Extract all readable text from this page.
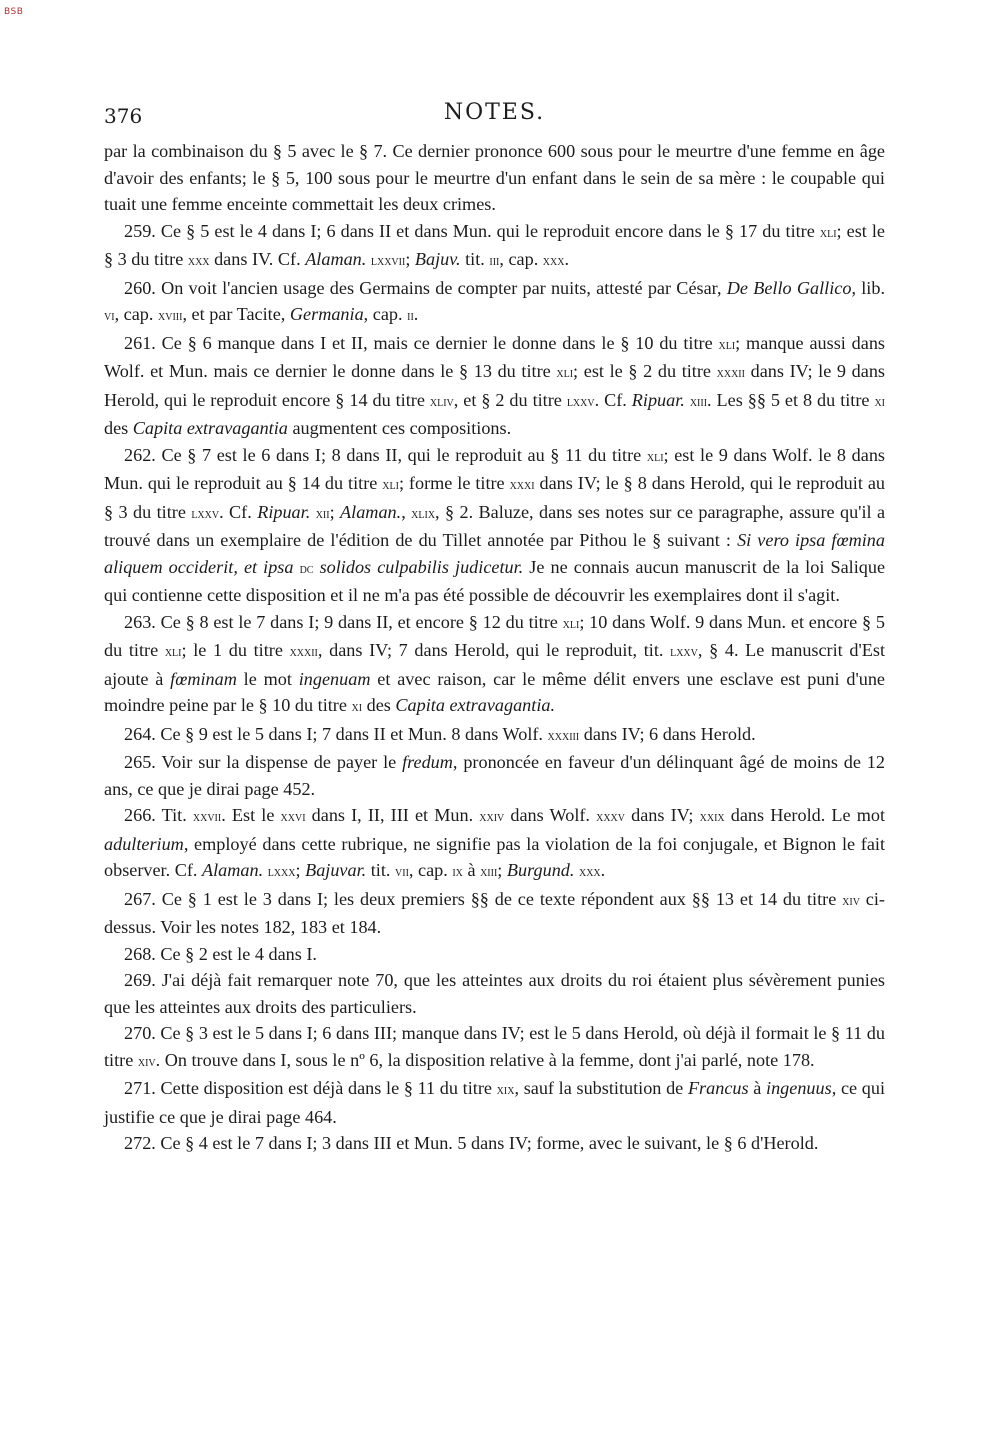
BSB
376	NOTES.

par la combinaison du § 5 avec le § 7. Ce dernier prononce 600 sous pour le meurtre d'une femme en âge d'avoir des enfants; le § 5, 100 sous pour le meurtre d'un enfant dans le sein de sa mère : le coupable qui tuait une femme enceinte commettait les deux crimes.

259. Ce § 5 est le 4 dans I; 6 dans II et dans Mun. qui le reproduit encore dans le § 17 du titre xli; est le § 3 du titre xxx dans IV. Cf. Alaman. lxxvii; Bajuv. tit. iii, cap. xxx.

260. On voit l'ancien usage des Germains de compter par nuits, attesté par César, De Bello Gallico, lib. vi, cap. xviii, et par Tacite, Germania, cap. ii.

261. Ce § 6 manque dans I et II, mais ce dernier le donne dans le § 10 du titre xli; manque aussi dans Wolf. et Mun. mais ce dernier le donne dans le § 13 du titre xli; est le § 2 du titre xxxii dans IV; le 9 dans Herold, qui le reproduit encore § 14 du titre xliv, et § 2 du titre lxxv. Cf. Ripuar. xiii. Les §§ 5 et 8 du titre xi des Capita extravagantia augmentent ces compositions.

262. Ce § 7 est le 6 dans I; 8 dans II, qui le reproduit au § 11 du titre xli; est le 9 dans Wolf. le 8 dans Mun. qui le reproduit au § 14 du titre xli; forme le titre xxxi dans IV; le § 8 dans Herold, qui le reproduit au § 3 du titre lxxv. Cf. Ripuar. xii; Alaman., xlix, § 2. Baluze, dans ses notes sur ce paragraphe, assure qu'il a trouvé dans un exemplaire de l'édition de du Tillet annotée par Pithou le § suivant : Si vero ipsa fœmina aliquem occiderit, et ipsa dc solidos culpabilis judicetur. Je ne connais aucun manuscrit de la loi Salique qui contienne cette disposition et il ne m'a pas été possible de découvrir les exemplaires dont il s'agit.

263. Ce § 8 est le 7 dans I; 9 dans II, et encore § 12 du titre xli; 10 dans Wolf. 9 dans Mun. et encore § 5 du titre xli; le 1 du titre xxxii, dans IV; 7 dans Herold, qui le reproduit, tit. lxxv, § 4. Le manuscrit d'Est ajoute à fœminam le mot ingenuam et avec raison, car le même délit envers une esclave est puni d'une moindre peine par le § 10 du titre xi des Capita extravagantia.

264. Ce § 9 est le 5 dans I; 7 dans II et Mun. 8 dans Wolf. xxxiii dans IV; 6 dans Herold.

265. Voir sur la dispense de payer le fredum, prononcée en faveur d'un délinquant âgé de moins de 12 ans, ce que je dirai page 452.

266. Tit. xxvii. Est le xxvi dans I, II, III et Mun. xxiv dans Wolf. xxxv dans IV; xxix dans Herold. Le mot adulterium, employé dans cette rubrique, ne signifie pas la violation de la foi conjugale, et Bignon le fait observer. Cf. Alaman. lxxx; Bajuvar. tit. vii, cap. ix à xiii; Burgund. xxx.

267. Ce § 1 est le 3 dans I; les deux premiers §§ de ce texte répondent aux §§ 13 et 14 du titre xiv ci-dessus. Voir les notes 182, 183 et 184.

268. Ce § 2 est le 4 dans I.

269. J'ai déjà fait remarquer note 70, que les atteintes aux droits du roi étaient plus sévèrement punies que les atteintes aux droits des particuliers.

270. Ce § 3 est le 5 dans I; 6 dans III; manque dans IV; est le 5 dans Herold, où déjà il formait le § 11 du titre xiv. On trouve dans I, sous le nº 6, la disposition relative à la femme, dont j'ai parlé, note 178.

271. Cette disposition est déjà dans le § 11 du titre xix, sauf la substitution de Francus à ingenuus, ce qui justifie ce que je dirai page 464.

272. Ce § 4 est le 7 dans I; 3 dans III et Mun. 5 dans IV; forme, avec le suivant, le § 6 d'Herold.
